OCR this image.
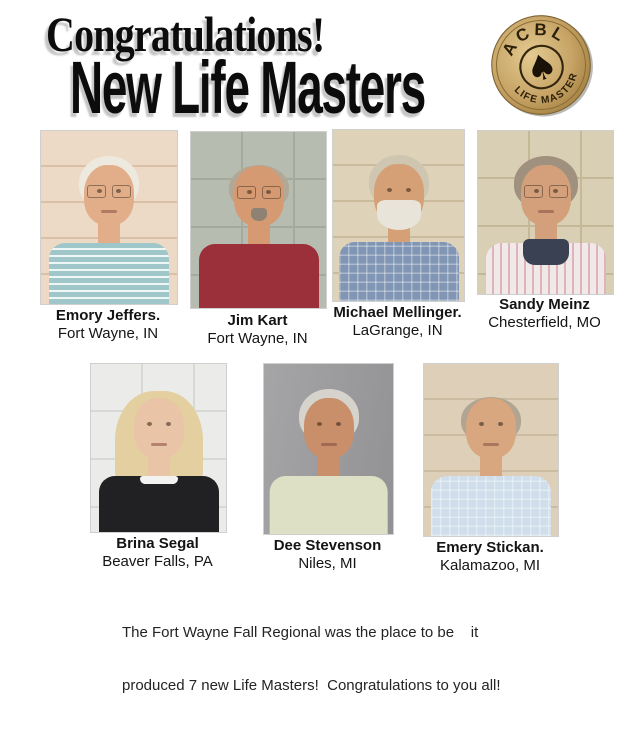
Congratulations!
New Life Masters	♠
ACBL
LIFE MASTER
Emory Jeffers.
Fort Wayne, IN
Jim Kart
Fort Wayne, IN
Michael Mellinger.
LaGrange, IN
Sandy Meinz
Chesterfield, MO
Brina Segal
Beaver Falls, PA
Dee Stevenson
Niles, MI
Emery Stickan.
Kalamazoo, MI

The Fort Wayne Fall Regional was the place to be    it

produced 7 new Life Masters!  Congratulations to you all!
